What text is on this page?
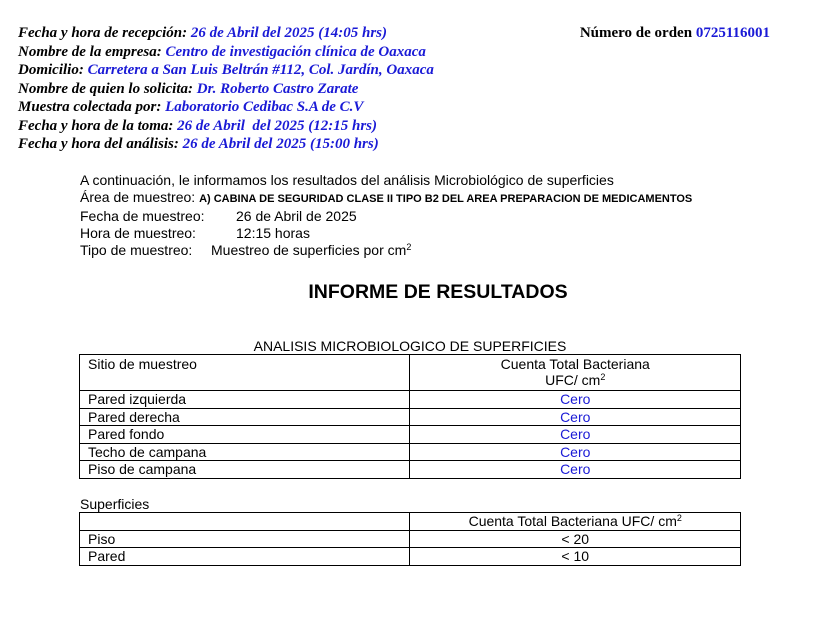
Fecha y hora de recepción: 26 de Abril del 2025 (14:05 hrs)
Nombre de la empresa: Centro de investigación clínica de Oaxaca
Domicilio: Carretera a San Luis Beltrán #112, Col. Jardín, Oaxaca
Nombre de quien lo solicita: Dr. Roberto Castro Zarate
Muestra colectada por: Laboratorio Cedibac S.A de C.V
Fecha y hora de la toma: 26 de Abril  del 2025 (12:15 hrs)
Fecha y hora del análisis: 26 de Abril del 2025 (15:00 hrs)
Número de orden 0725116001
A continuación, le informamos los resultados del análisis Microbiológico de superficies
Área de muestreo: A) CABINA DE SEGURIDAD CLASE II TIPO B2 DEL AREA PREPARACION DE MEDICAMENTOS
Fecha de muestreo: 26 de Abril de 2025
Hora de muestreo:	12:15 horas
Tipo de muestreo: Muestreo de superficies por $cm^2$
INFORME DE RESULTADOS
ANALISIS MICROBIOLOGICO DE SUPERFICIES
Sitio de muestreo	Cuenta Total Bacteriana
UFC/ $cm^2$
Pared izquierda	Cero
Pared derecha	Cero
Pared fondo	Cero
Techo de campana	Cero
Piso de campana	Cero
Superficies
	Cuenta Total Bacteriana UFC/ $cm^2$
Piso	< 20
Pared	< 10
